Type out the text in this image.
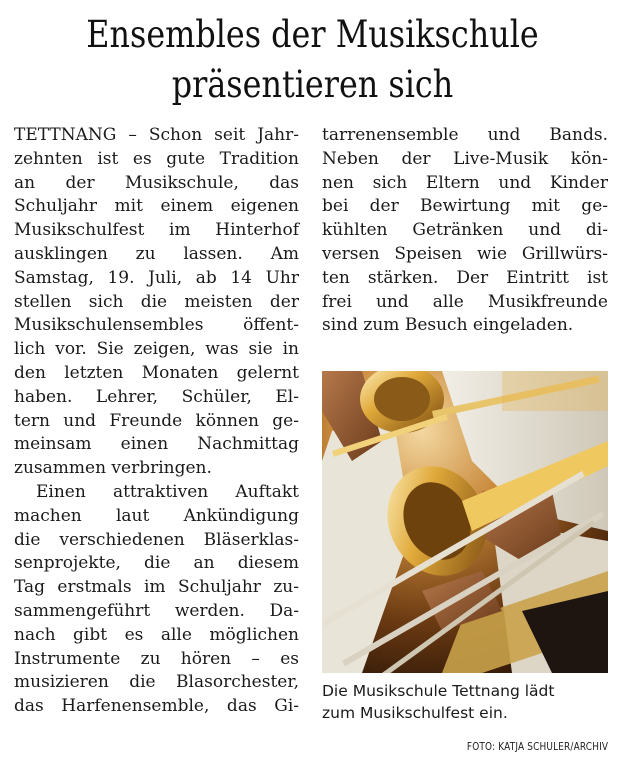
Ensembles der Musikschule
präsentieren sich
TETTNANG – Schon seit Jahr-
zehnten ist es gute Tradition
an der Musikschule, das
Schuljahr mit einem eigenen
Musikschulfest im Hinterhof
ausklingen zu lassen. Am
Samstag, 19. Juli, ab 14 Uhr
stellen sich die meisten der
Musikschulensembles öffent-
lich vor. Sie zeigen, was sie in
den letzten Monaten gelernt
haben. Lehrer, Schüler, El-
tern und Freunde können ge-
meinsam einen Nachmittag
zusammen verbringen.
Einen attraktiven Auftakt
machen laut Ankündigung
die verschiedenen Bläserklas-
senprojekte, die an diesem
Tag erstmals im Schuljahr zu-
sammengeführt werden. Da-
nach gibt es alle möglichen
Instrumente zu hören – es
musizieren die Blasorchester,
das Harfenensemble, das Gi-
tarrenensemble und Bands.
Neben der Live-Musik kön-
nen sich Eltern und Kinder
bei der Bewirtung mit ge-
kühlten Getränken und di-
versen Speisen wie Grillwürs-
ten stärken. Der Eintritt ist
frei und alle Musikfreunde
sind zum Besuch eingeladen.
Die Musikschule Tettnang lädt
zum Musikschulfest ein.
FOTO: KATJA SCHULER/ARCHIV
